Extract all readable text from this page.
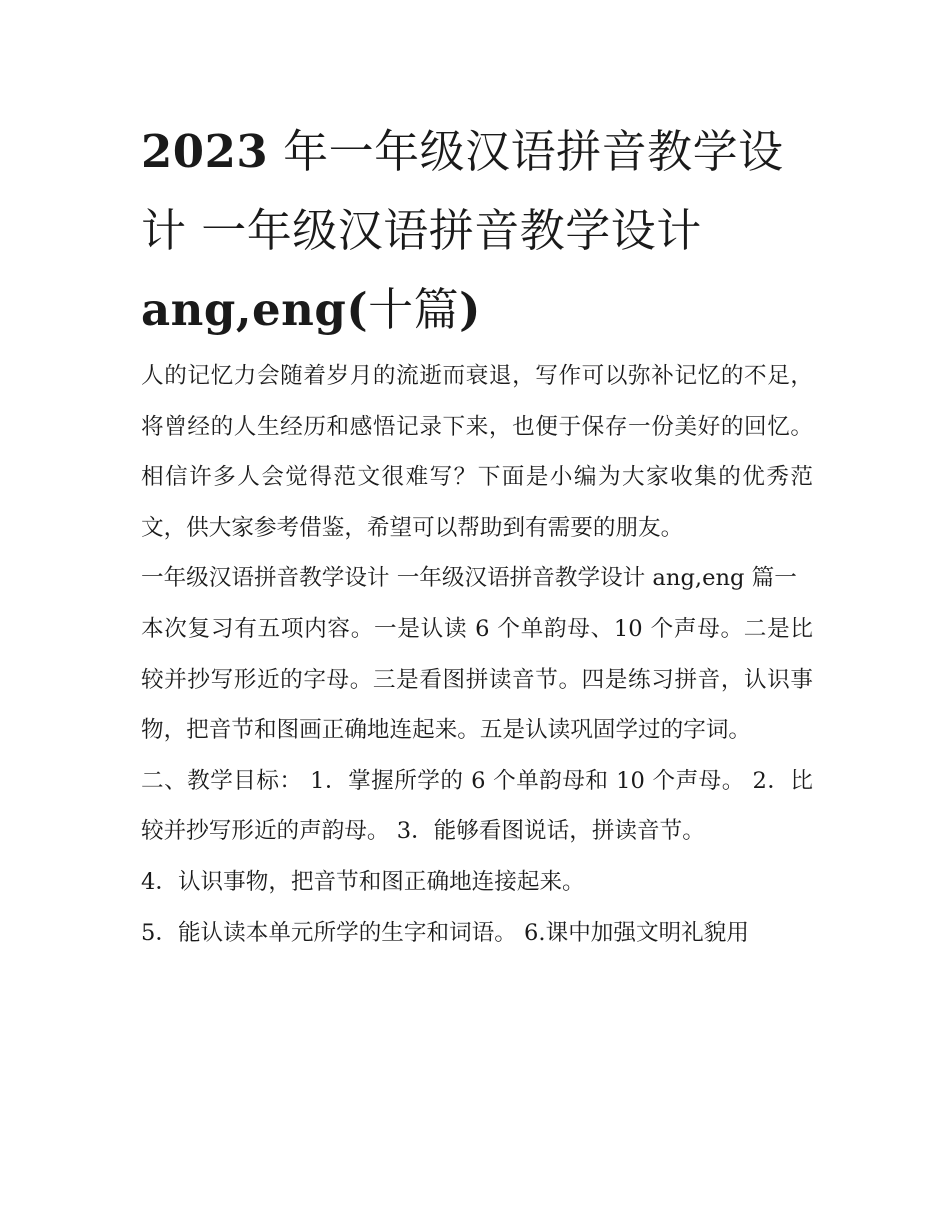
2023 年一年级汉语拼音教学设计 一年级汉语拼音教学设计 ang,eng(十篇)

人的记忆力会随着岁月的流逝而衰退，写作可以弥补记忆的不足，将曾经的人生经历和感悟记录下来，也便于保存一份美好的回忆。相信许多人会觉得范文很难写？下面是小编为大家收集的优秀范文，供大家参考借鉴，希望可以帮助到有需要的朋友。

一年级汉语拼音教学设计 一年级汉语拼音教学设计 ang,eng 篇一

本次复习有五项内容。一是认读 6 个单韵母、10 个声母。二是比较并抄写形近的字母。三是看图拼读音节。四是练习拼音，认识事物，把音节和图画正确地连起来。五是认读巩固学过的字词。

二、教学目标： 1．掌握所学的 6 个单韵母和 10 个声母。 2．比较并抄写形近的声韵母。 3．能够看图说话，拼读音节。

4．认识事物，把音节和图正确地连接起来。

5．能认读本单元所学的生字和词语。 6.课中加强文明礼貌用
